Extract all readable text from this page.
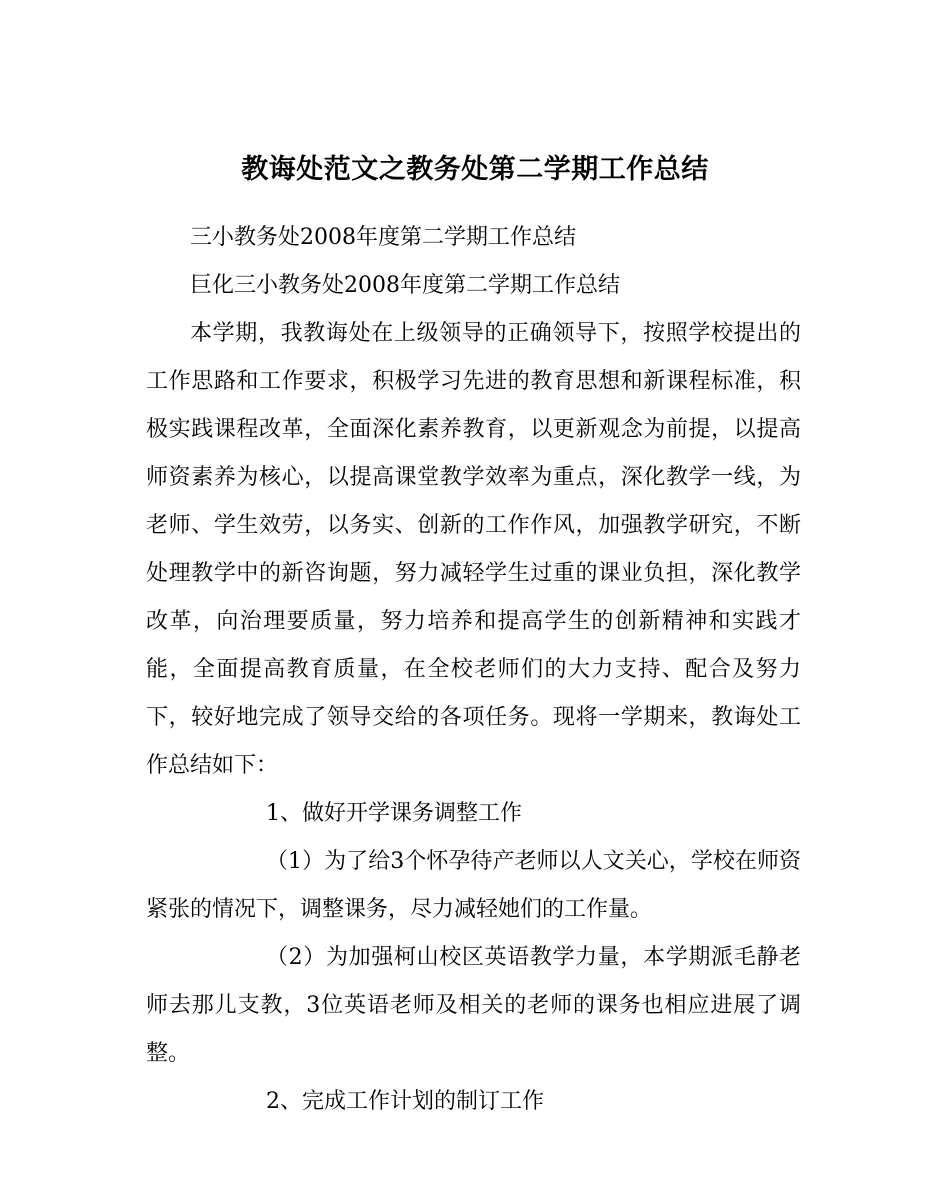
教诲处范文之教务处第二学期工作总结

三小教务处2008年度第二学期工作总结

巨化三小教务处2008年度第二学期工作总结

本学期，我教诲处在上级领导的正确领导下，按照学校提出的工作思路和工作要求，积极学习先进的教育思想和新课程标准，积极实践课程改革，全面深化素养教育，以更新观念为前提，以提高师资素养为核心，以提高课堂教学效率为重点，深化教学一线，为老师、学生效劳，以务实、创新的工作作风，加强教学研究，不断处理教学中的新咨询题，努力减轻学生过重的课业负担，深化教学改革，向治理要质量，努力培养和提高学生的创新精神和实践才能，全面提高教育质量，在全校老师们的大力支持、配合及努力下，较好地完成了领导交给的各项任务。现将一学期来，教诲处工作总结如下：

1、做好开学课务调整工作

（1）为了给3个怀孕待产老师以人文关心，学校在师资紧张的情况下，调整课务，尽力减轻她们的工作量。

（2）为加强柯山校区英语教学力量，本学期派毛静老师去那儿支教，3位英语老师及相关的老师的课务也相应进展了调整。

2、完成工作计划的制订工作
